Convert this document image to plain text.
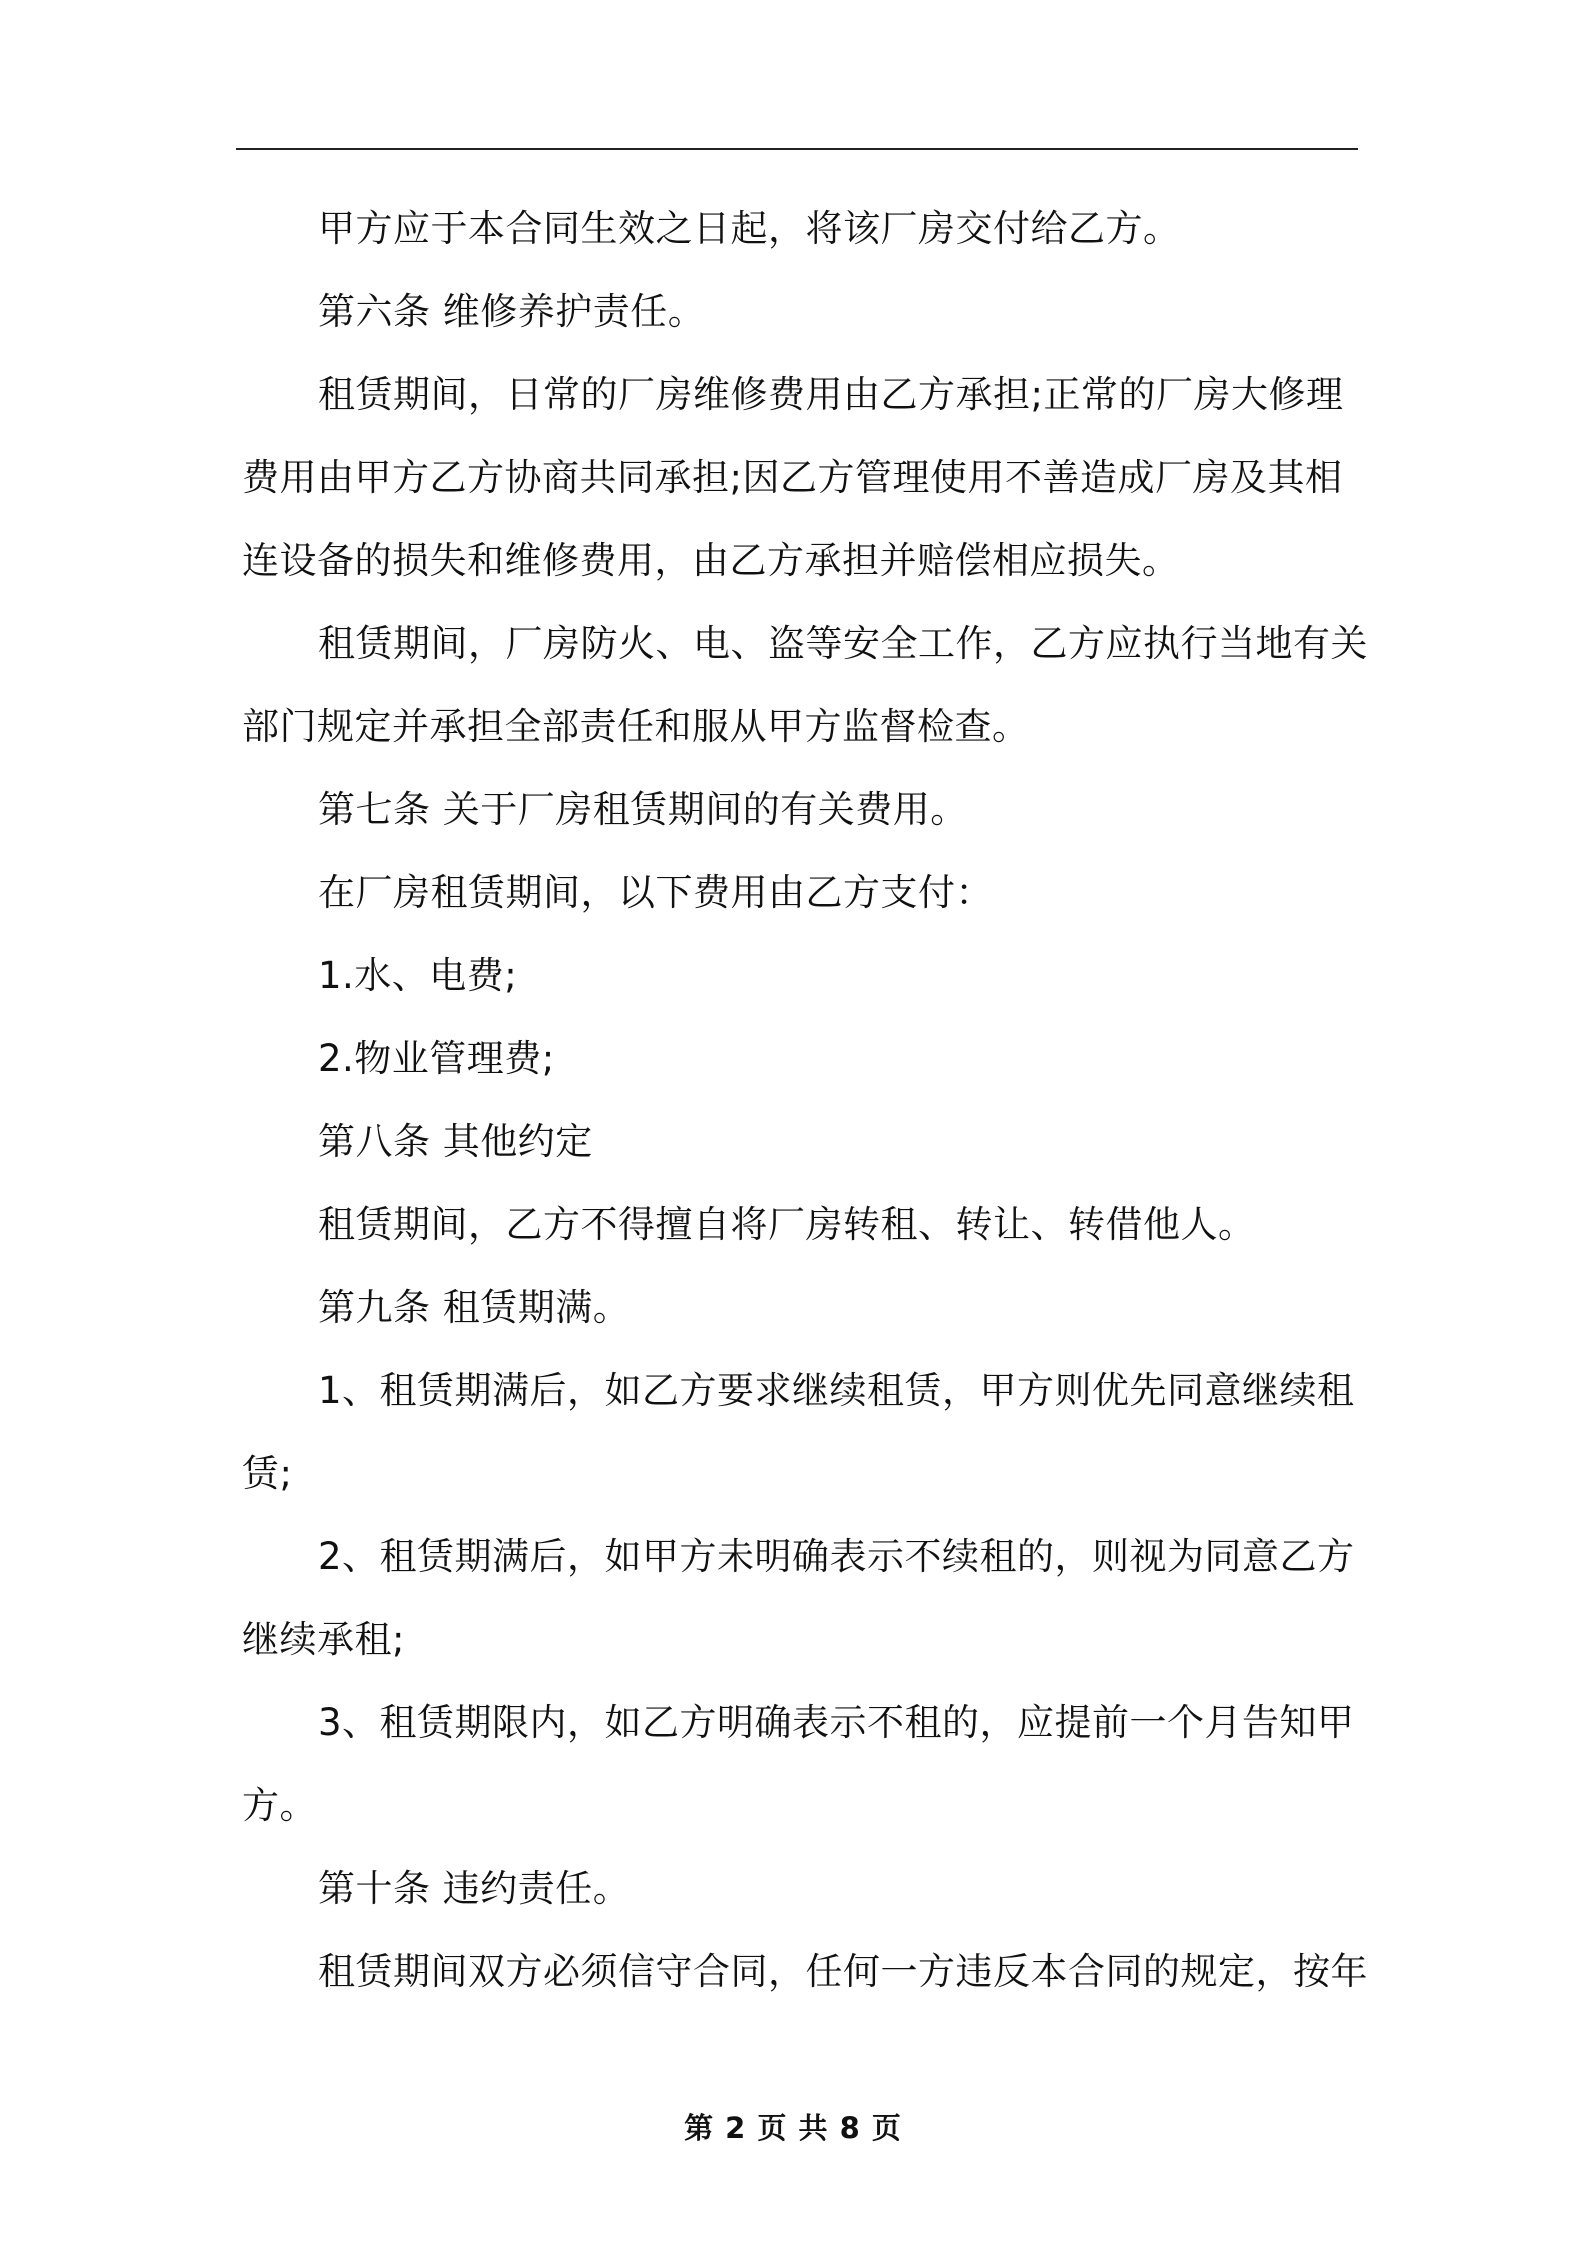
甲方应于本合同生效之日起，将该厂房交付给乙方。
第六条 维修养护责任。
租赁期间，日常的厂房维修费用由乙方承担;正常的厂房大修理
费用由甲方乙方协商共同承担;因乙方管理使用不善造成厂房及其相
连设备的损失和维修费用，由乙方承担并赔偿相应损失。
租赁期间，厂房防火、电、盗等安全工作，乙方应执行当地有关
部门规定并承担全部责任和服从甲方监督检查。
第七条 关于厂房租赁期间的有关费用。
在厂房租赁期间，以下费用由乙方支付：
1.水、电费;
2.物业管理费;
第八条 其他约定
租赁期间，乙方不得擅自将厂房转租、转让、转借他人。
第九条 租赁期满。
1、租赁期满后，如乙方要求继续租赁，甲方则优先同意继续租
赁;
2、租赁期满后，如甲方未明确表示不续租的，则视为同意乙方
继续承租;
3、租赁期限内，如乙方明确表示不租的，应提前一个月告知甲
方。
第十条 违约责任。
租赁期间双方必须信守合同，任何一方违反本合同的规定，按年
第 2 页 共 8 页
